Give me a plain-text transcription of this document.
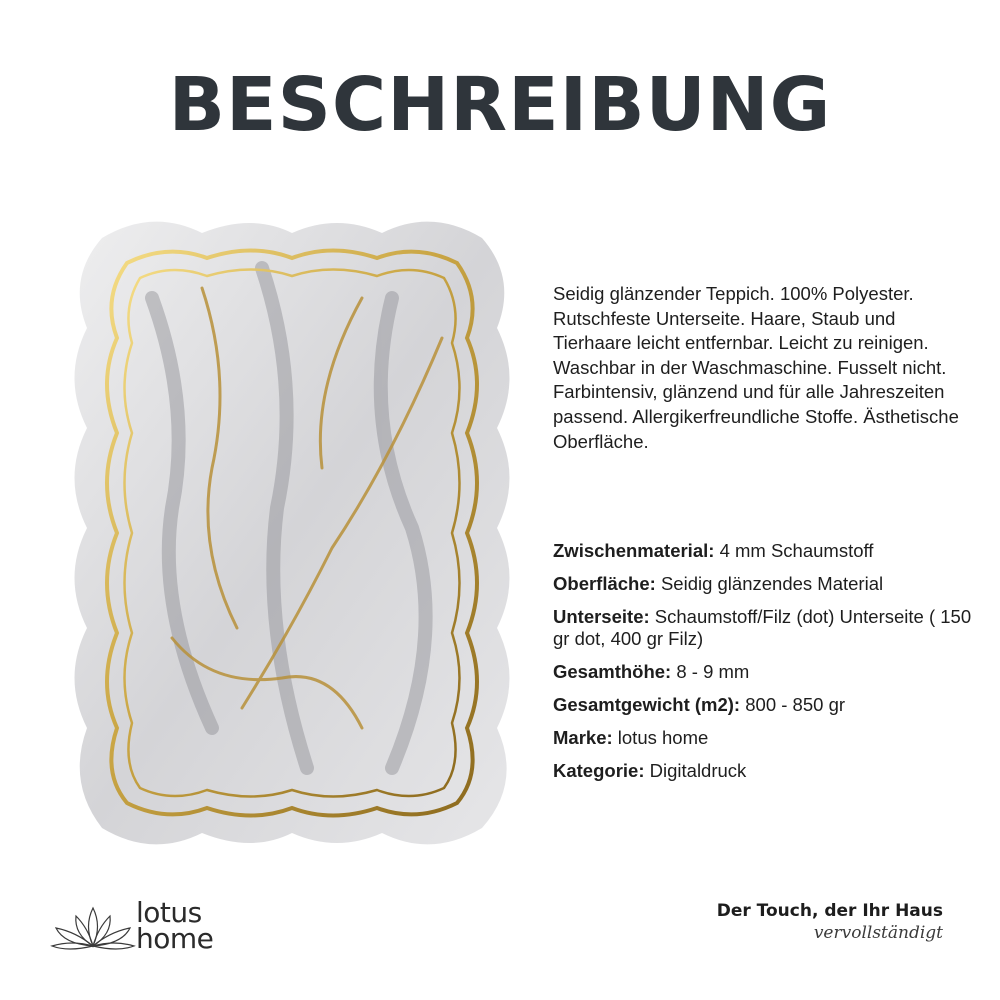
BESCHREIBUNG
Seidig glänzender Teppich. 100% Polyester. Rutschfeste Unterseite. Haare, Staub und Tierhaare leicht entfernbar. Leicht zu reinigen. Waschbar in der Waschmaschine. Fusselt nicht. Farbintensiv, glänzend und für alle Jahreszeiten passend. Allergikerfreundliche Stoffe. Ästhetische Oberfläche.
Zwischenmaterial: 4 mm Schaumstoff
Oberfläche: Seidig glänzendes Material
Unterseite: Schaumstoff/Filz (dot) Unterseite ( 150 gr dot, 400 gr Filz)
Gesamthöhe: 8 - 9 mm
Gesamtgewicht (m2): 800 - 850 gr
Marke: lotus home
Kategorie: Digitaldruck
lotus
home
Der Touch, der Ihr Haus
vervollständigt
